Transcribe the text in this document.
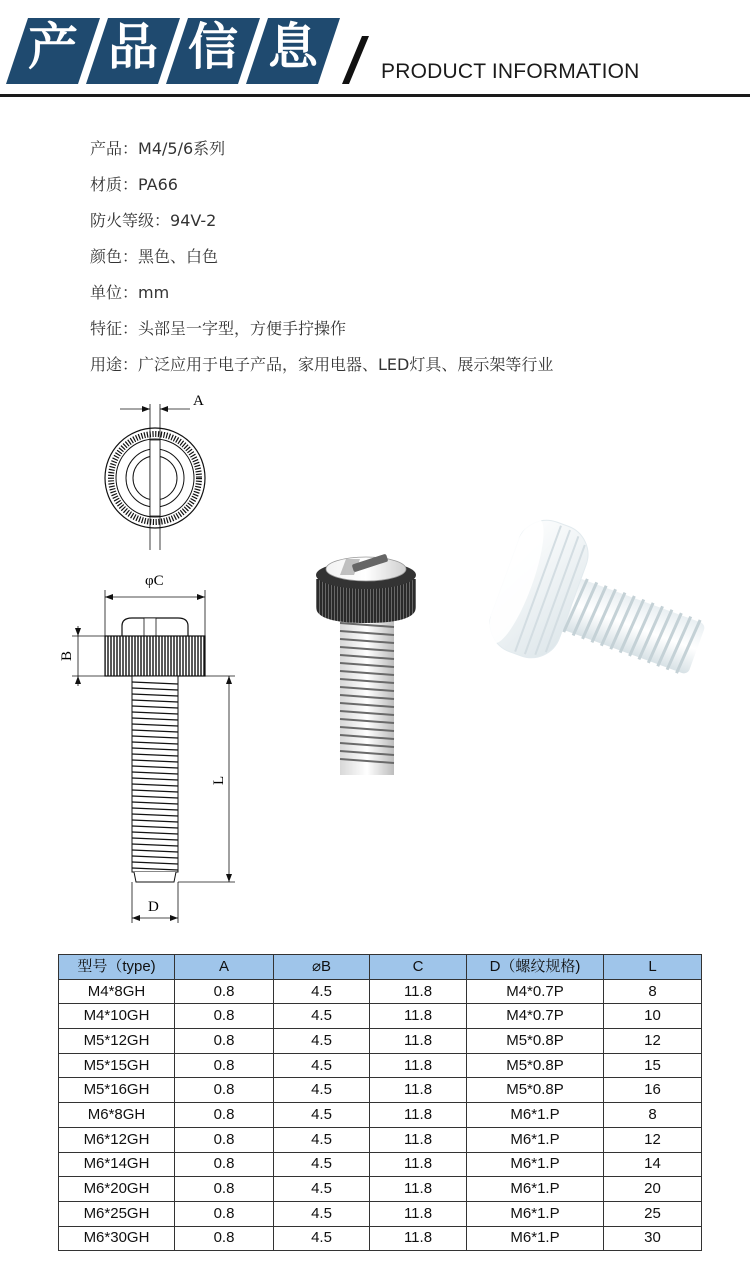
产 品 信 息	PRODUCT INFORMATION
产品：M4/5/6系列
材质：PA66
防火等级：94V-2
颜色：黑色、白色
单位：mm
特征：头部呈一字型，方便手拧操作
用途：广泛应用于电子产品，家用电器、LED灯具、展示架等行业
A
φC
B
L
D
型号（type)	A	⌀B	C	D（螺纹规格)	L
M4*8GH	0.8	4.5	11.8	M4*0.7P	8
M4*10GH	0.8	4.5	11.8	M4*0.7P	10
M5*12GH	0.8	4.5	11.8	M5*0.8P	12
M5*15GH	0.8	4.5	11.8	M5*0.8P	15
M5*16GH	0.8	4.5	11.8	M5*0.8P	16
M6*8GH	0.8	4.5	11.8	M6*1.P	8
M6*12GH	0.8	4.5	11.8	M6*1.P	12
M6*14GH	0.8	4.5	11.8	M6*1.P	14
M6*20GH	0.8	4.5	11.8	M6*1.P	20
M6*25GH	0.8	4.5	11.8	M6*1.P	25
M6*30GH	0.8	4.5	11.8	M6*1.P	30
